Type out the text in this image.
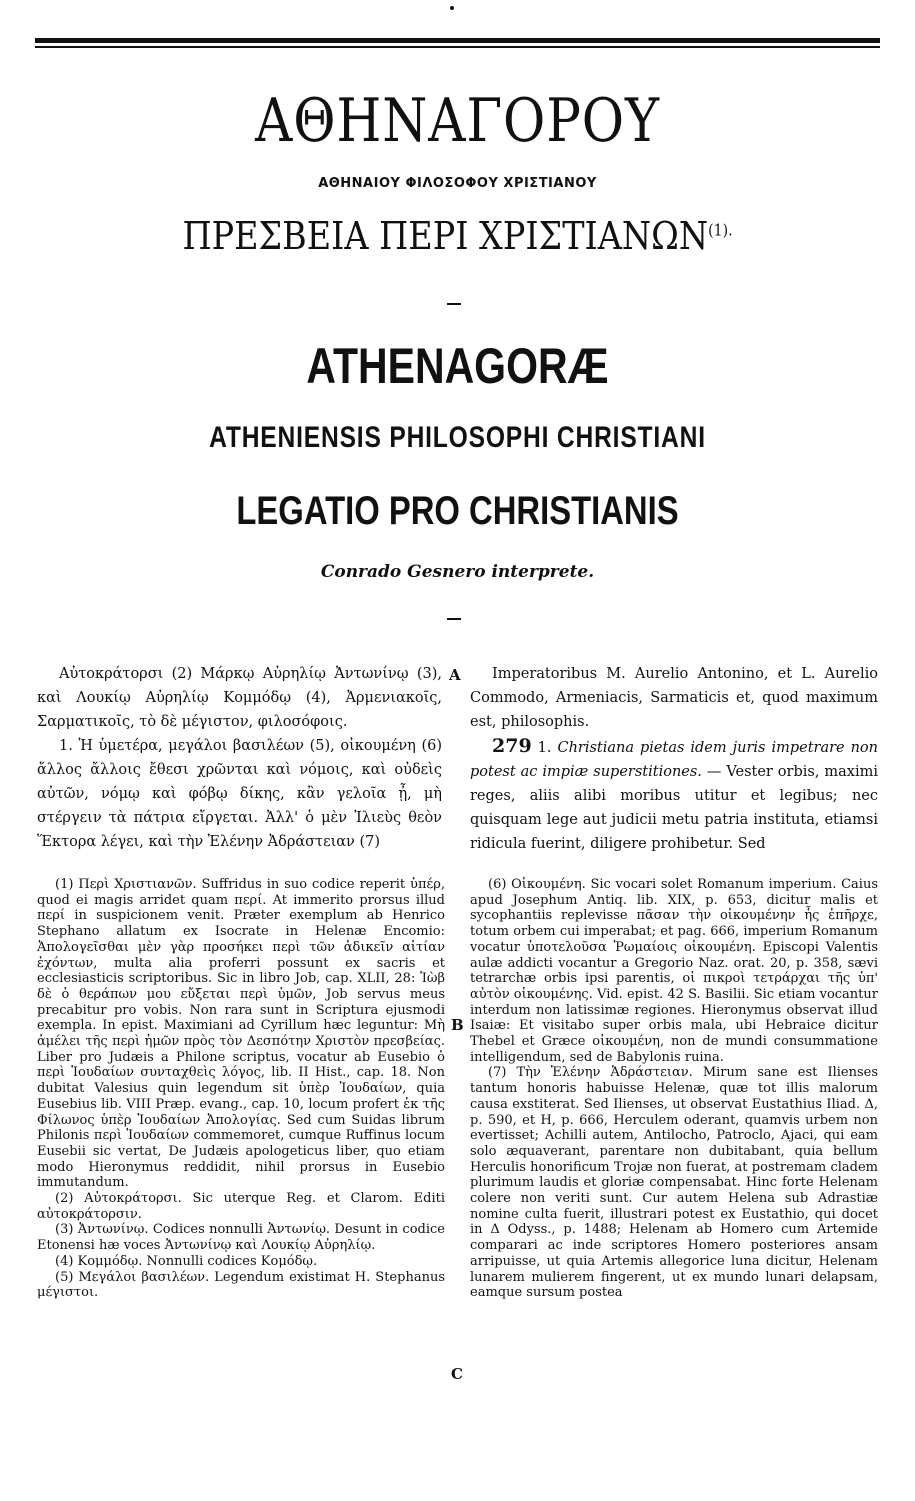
ΑΘΗΝΑΓΟΡΟΥ
ΑΘΗΝΑΙΟΥ ΦΙΛΟΣΟΦΟΥ ΧΡΙΣΤΙΑΝΟΥ
ΠΡΕΣΒΕΙΑ ΠΕΡΙ $XPI\Sigma TIAN\Omega N^{(1).}$
ATHENAGORÆ
ATHENIENSIS PHILOSOPHI CHRISTIANI
LEGATIO PRO CHRISTIANIS
Conrado Gesnero interprete.

Αὐτοκράτορσι (2) Μάρκῳ Αὐρηλίῳ Ἀντωνίνῳ (3), καὶ Λουκίῳ Αὐρηλίῳ Κομμόδῳ (4), Ἀρμενιακοῖς, Σαρματικοῖς, τὸ δὲ μέγιστον, φιλοσόφοις.

1. Ἡ ὑμετέρα, μεγάλοι βασιλέων (5), οἰκουμένη (6) ἄλλος ἄλλοις ἔθεσι χρῶνται καὶ νόμοις, καὶ οὐδεὶς αὐτῶν, νόμῳ καὶ φόβῳ δίκης, κἂν γελοῖα ᾖ, μὴ στέργειν τὰ πάτρια εἴργεται. Ἀλλ' ὁ μὲν Ἰλιεὺς θεὸν Ἕκτορα λέγει, καὶ τὴν Ἑλένην Ἀδράστειαν (7)

A	Imperatoribus M. Aurelio Antonino, et L. Aurelio Commodo, Armeniacis, Sarmaticis et, quod maximum est, philosophis.

279 1. Christiana pietas idem juris impetrare non potest ac impiæ superstitiones. — Vester orbis, maximi reges, aliis alibi moribus utitur et legibus; nec quisquam lege aut judicii metu patria instituta, etiamsi ridicula fuerint, diligere prohibetur. Sed

(1) Περὶ Χριστιανῶν. Suffridus in suo codice reperit ὑπέρ, quod ei magis arridet quam περί. At immerito prorsus illud περί in suspicionem venit. Præter exemplum ab Henrico Stephano allatum ex Isocrate in Helenæ Encomio: Ἀπολογεῖσθαι μὲν γὰρ προσήκει περὶ τῶν ἀδικεῖν αἰτίαν ἐχόντων, multa alia proferri possunt ex sacris et ecclesiasticis scriptoribus. Sic in libro Job, cap. XLII, 28: Ἰὼβ δὲ ὁ θεράπων μου εὔξεται περὶ ὑμῶν, Job servus meus precabitur pro vobis. Non rara sunt in Scriptura ejusmodi exempla. In epist. Maximiani ad Cyrillum hæc leguntur: Μὴ ἀμέλει τῆς περὶ ἡμῶν πρὸς τὸν Δεσπότην Χριστὸν πρεσβείας. Liber pro Judæis a Philone scriptus, vocatur ab Eusebio ὁ περὶ Ἰουδαίων συνταχθεὶς λόγος, lib. II Hist., cap. 18. Non dubitat Valesius quin legendum sit ὑπὲρ Ἰουδαίων, quia Eusebius lib. VIII Præp. evang., cap. 10, locum profert ἐκ τῆς Φίλωνος ὑπὲρ Ἰουδαίων Ἀπολογίας. Sed cum Suidas librum Philonis περὶ Ἰουδαίων commemoret, cumque Ruffinus locum Eusebii sic vertat, De Judæis apologeticus liber, quo etiam modo Hieronymus reddidit, nihil prorsus in Eusebio immutandum.

(2) Αὐτοκράτορσι. Sic uterque Reg. et Clarom. Editi αὐτοκράτορσιν.

(3) Ἀντωνίνῳ. Codices nonnulli Ἀντωνίῳ. Desunt in codice Etonensi hæ voces Ἀντωνίνῳ καὶ Λουκίῳ Αὐρηλίῳ.

(4) Κομμόδῳ. Nonnulli codices Κομόδῳ.

(5) Μεγάλοι βασιλέων. Legendum existimat H. Stephanus μέγιστοι.

B
C

(6) Οἰκουμένη. Sic vocari solet Romanum imperium. Caius apud Josephum Antiq. lib. XIX, p. 653, dicitur malis et sycophantiis replevisse πᾶσαν τὴν οἰκουμένην ἧς ἐπῆρχε, totum orbem cui imperabat; et pag. 666, imperium Romanum vocatur ὑποτελοῦσα Ῥωμαίοις οἰκουμένη. Episcopi Valentis aulæ addicti vocantur a Gregorio Naz. orat. 20, p. 358, sævi tetrarchæ orbis ipsi parentis, οἱ πικροὶ τετράρχαι τῆς ὑπ' αὐτὸν οἰκουμένης. Vid. epist. 42 S. Basilii. Sic etiam vocantur interdum non latissimæ regiones. Hieronymus observat illud Isaiæ: Et visitabo super orbis mala, ubi Hebraice dicitur Thebel et Græce οἰκουμένη, non de mundi consummatione intelligendum, sed de Babylonis ruina.

(7) Τὴν Ἑλένην Ἀδράστειαν. Mirum sane est Ilienses tantum honoris habuisse Helenæ, quæ tot illis malorum causa exstiterat. Sed Ilienses, ut observat Eustathius Iliad. Δ, p. 590, et H, p. 666, Herculem oderant, quamvis urbem non evertisset; Achilli autem, Antilocho, Patroclo, Ajaci, qui eam solo æquaverant, parentare non dubitabant, quia bellum Herculis honorificum Trojæ non fuerat, at postremam cladem plurimum laudis et gloriæ compensabat. Hinc forte Helenam colere non veriti sunt. Cur autem Helena sub Adrastiæ nomine culta fuerit, illustrari potest ex Eustathio, qui docet in Δ Odyss., p. 1488; Helenam ab Homero cum Artemide comparari ac inde scriptores Homero posteriores ansam arripuisse, ut quia Artemis allegorice luna dicitur, Helenam lunarem mulierem fingerent, ut ex mundo lunari delapsam, eamque sursum postea
